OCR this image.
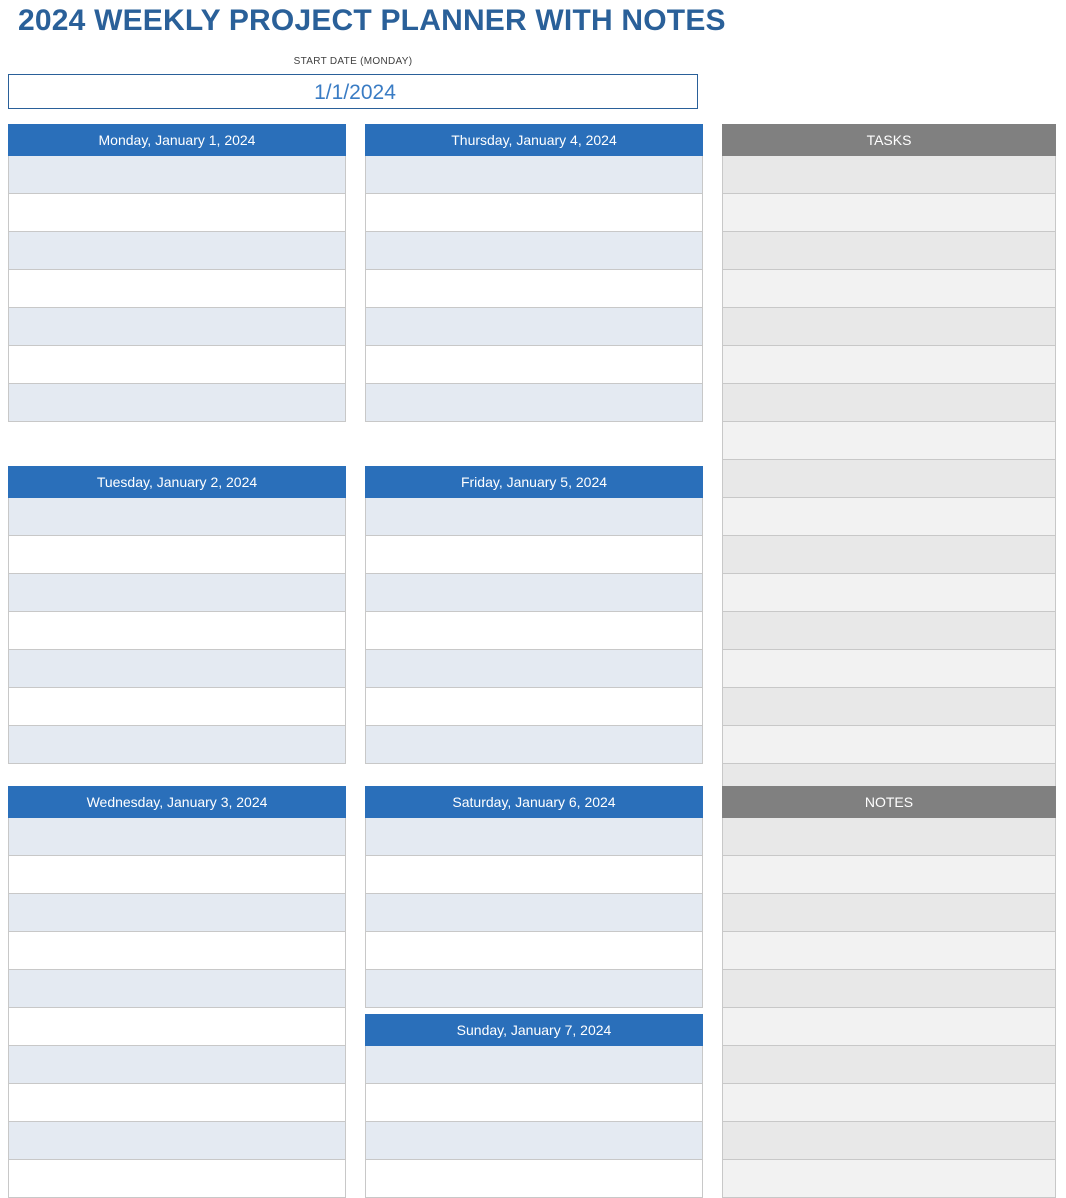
2024 WEEKLY PROJECT PLANNER WITH NOTES
START DATE (MONDAY)
1/1/2024
Monday, January 1, 2024
Tuesday, January 2, 2024
Wednesday, January 3, 2024
Thursday, January 4, 2024
Friday, January 5, 2024
Saturday, January 6, 2024
Sunday, January 7, 2024
TASKS
NOTES
